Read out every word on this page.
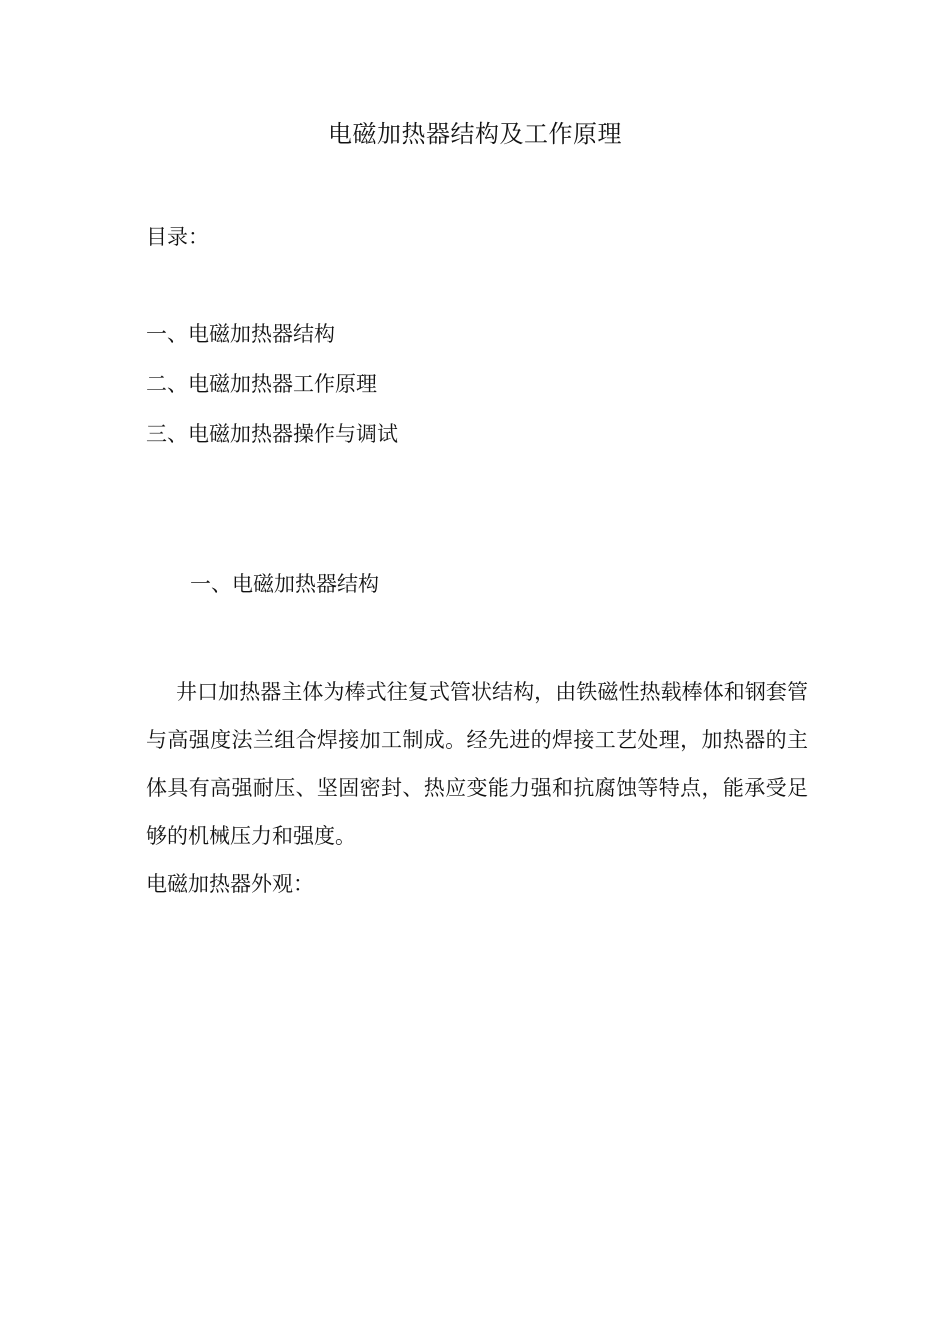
电磁加热器结构及工作原理
目录：
一、电磁加热器结构
二、电磁加热器工作原理
三、电磁加热器操作与调试
一、电磁加热器结构

井口加热器主体为棒式往复式管状结构，由铁磁性热载棒体和钢套管与高强度法兰组合焊接加工制成。经先进的焊接工艺处理，加热器的主体具有高强耐压、坚固密封、热应变能力强和抗腐蚀等特点，能承受足够的机械压力和强度。

电磁加热器外观：
